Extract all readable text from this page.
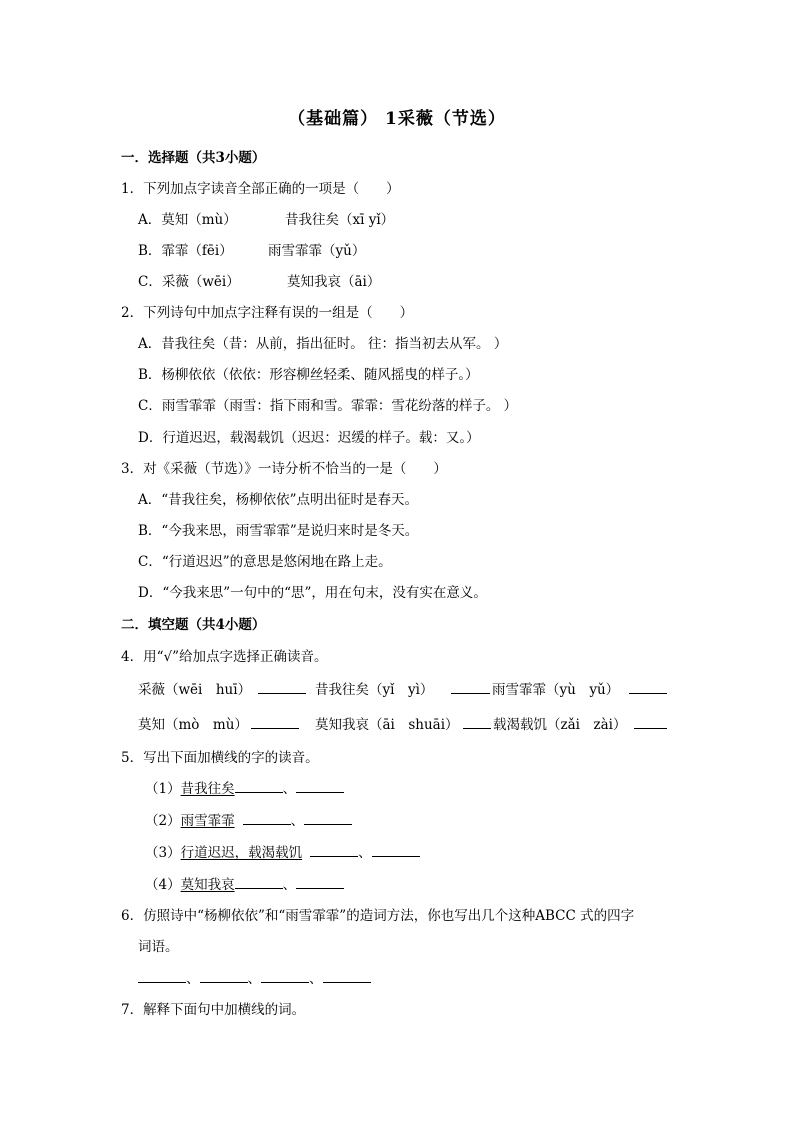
（基础篇） 1采薇（节选）
一．选择题（共3小题）
1．下列加点字读音全部正确的一项是（　　）
A．莫知（mù）	昔我往矣（xī yǐ）
B．霏霏（fēi）	雨雪霏霏（yǔ）
C．采薇（wēi）	莫知我哀（āi）
2．下列诗句中加点字注释有误的一组是（　　）
A．昔我往矣（昔：从前，指出征时。 往：指当初去从军。 ）
B．杨柳依依（依依：形容柳丝轻柔、随风摇曳的样子。）
C．雨雪霏霏（雨雪：指下雨和雪。霏霏：雪花纷落的样子。 ）
D．行道迟迟，载渴载饥（迟迟：迟缓的样子。载：又。）
3．对《采薇（节选）》一诗分析不恰当的一是（　　）
A．“昔我往矣，杨柳依依”点明出征时是春天。
B．“今我来思，雨雪霏霏”是说归来时是冬天。
C．“行道迟迟”的意思是悠闲地在路上走。
D．“今我来思”一句中的“思”，用在句末，没有实在意义。
二．填空题（共4小题）
4．用“√”给加点字选择正确读音。
采薇（wēi　huī）	昔我往矣（yǐ　yì）	雨雪霏霏（yù　yǔ）
莫知（mò　mù）	莫知我哀（āi　shuāi）	载渴载饥（zǎi　zài）
5．写出下面加横线的字的读音。
（1）昔我往矣	、
（2）雨雪霏霏	、
（3）行道迟迟，载渴载饥	、
（4）莫知我哀	、
6．仿照诗中“杨柳依依”和“雨雪霏霏”的造词方法，你也写出几个这种ABCC 式的四字
词语。
、	、	、
7．解释下面句中加横线的词。
